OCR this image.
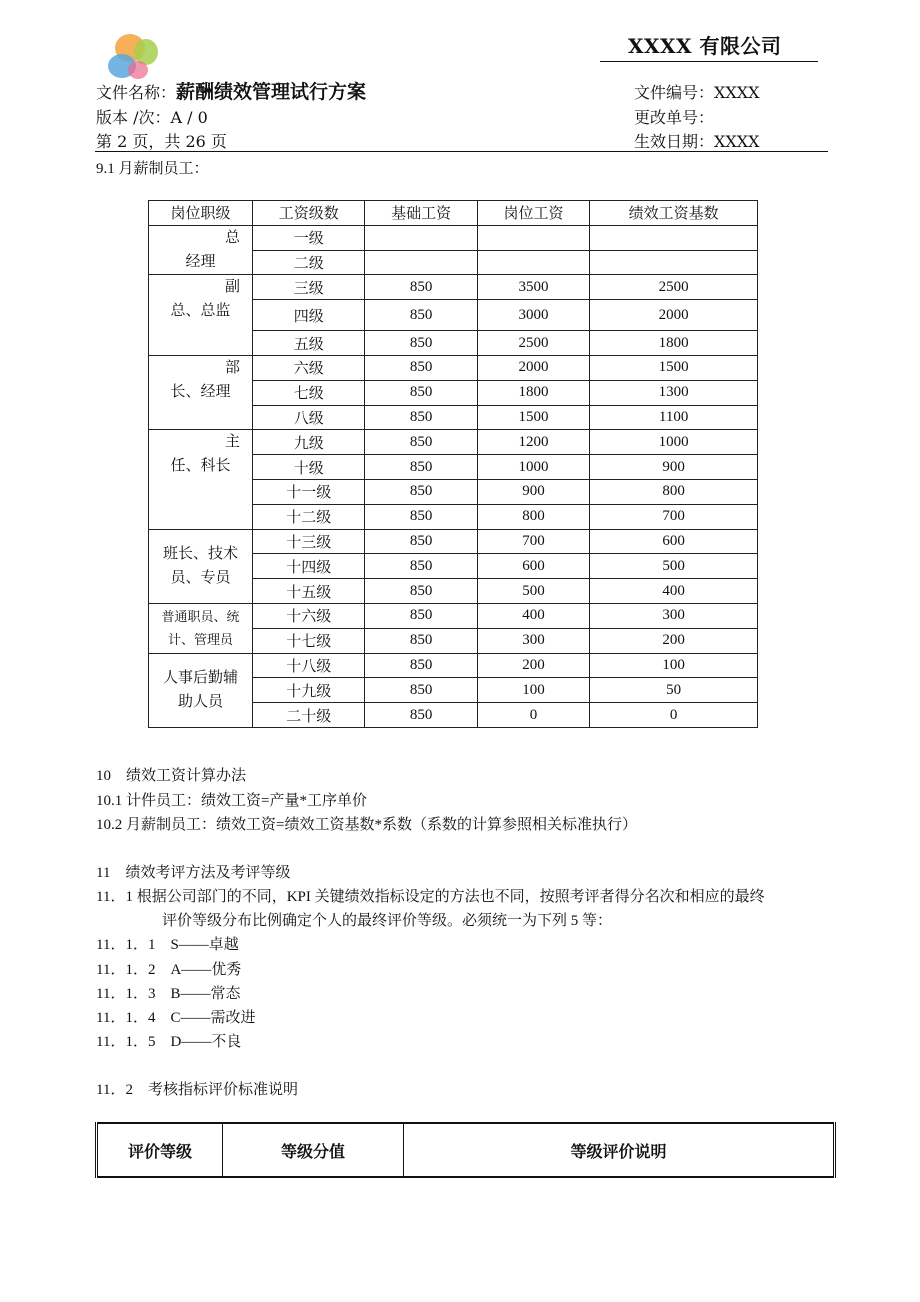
XXXX 有限公司
文件名称：薪酬绩效管理试行方案
版本 /次：A / 0
第 2 页，共 26 页
文件编号：XXXX
更改单号：
生效日期：XXXX
9.1 月薪制员工：
岗位职级	工资级数	基础工资	岗位工资	绩效工资基数

总
经理	一级			
	二级			

副
总、总监	三级	850	3500	2500
	四级	850	3000	2000
	五级	850	2500	1800

部
长、经理	六级	850	2000	1500
	七级	850	1800	1300
	八级	850	1500	1100

主
任、科长	九级	850	1200	1000
	十级	850	1000	900
	十一级	850	900	800
	十二级	850	800	700
班长、技术
员、专员	十三级	850	700	600
	十四级	850	600	500
	十五级	850	500	400
普通职员、统
计、管理员	十六级	850	400	300
	十七级	850	300	200
人事后勤辅
助人员	十八级	850	200	100
	十九级	850	100	50
	二十级	850	0	0
10　绩效工资计算办法
10.1 计件员工：绩效工资=产量*工序单价
10.2 月薪制员工：绩效工资=绩效工资基数*系数（系数的计算参照相关标准执行）
11　绩效考评方法及考评等级
11．1 根据公司部门的不同，KPI 关键绩效指标设定的方法也不同，按照考评者得分名次和相应的最终
评价等级分布比例确定个人的最终评价等级。必须统一为下列 5 等：
11．1．1　S——卓越
11．1．2　A——优秀
11．1．3　B——常态
11．1．4　C——需改进
11．1．5　D——不良
11．2　考核指标评价标准说明
评价等级	等级分值	等级评价说明
